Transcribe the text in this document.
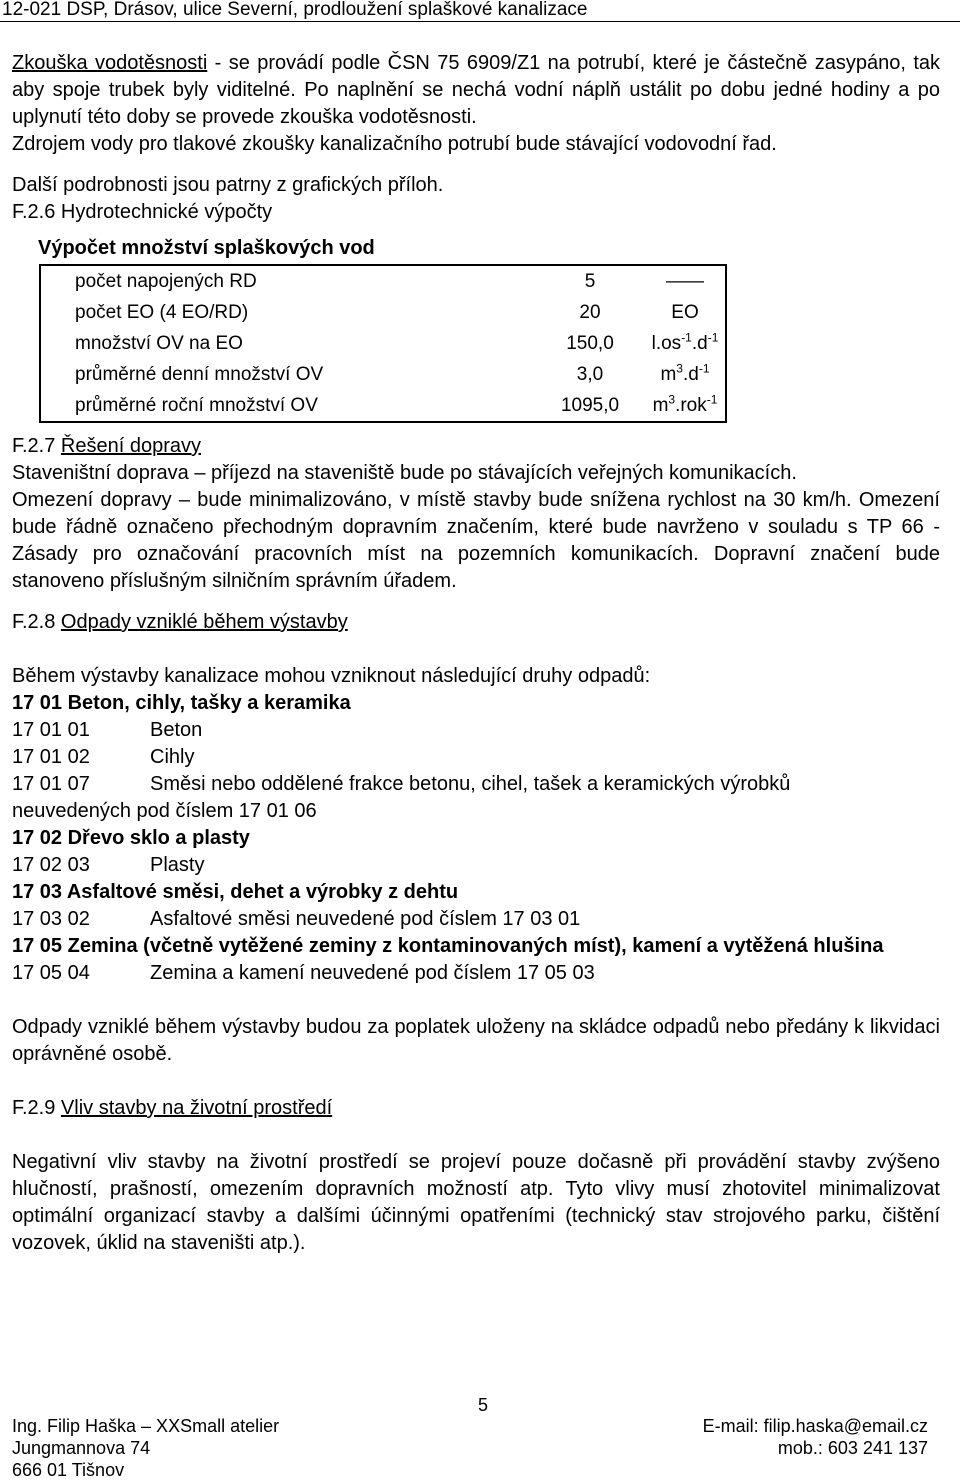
12-021 DSP, Drásov, ulice Severní, prodloužení splaškové kanalizace

Zkouška vodotěsnosti - se provádí podle ČSN 75 6909/Z1 na potrubí, které je částečně zasypáno, tak aby spoje trubek byly viditelné. Po naplnění se nechá vodní náplň ustálit po dobu jedné hodiny a po uplynutí této doby se provede zkouška vodotěsnosti.

Zdrojem vody pro tlakové zkoušky kanalizačního potrubí bude stávající vodovodní řad.

Další podrobnosti jsou patrny z grafických příloh.

F.2.6 Hydrotechnické výpočty

Výpočet množství splaškových vod

počet napojených RD	5	——
počet EO (4 EO/RD)	20	EO
množství OV na EO	150,0	$l.os^{-1}.d^{-1}$
průměrné denní množství OV	3,0	$m^3.d^{-1}$
průměrné roční množství OV	1095,0	$m^3.rok^{-1}$

F.2.7 Řešení dopravy

Staveništní doprava – příjezd na staveniště bude po stávajících veřejných komunikacích.

Omezení dopravy – bude minimalizováno, v místě stavby bude snížena rychlost na 30 km/h. Omezení bude řádně označeno přechodným dopravním značením, které bude navrženo v souladu s TP 66 - Zásady pro označování pracovních míst na pozemních komunikacích. Dopravní značení bude stanoveno příslušným silničním správním úřadem.

F.2.8 Odpady vzniklé během výstavby

Během výstavby kanalizace mohou vzniknout následující druhy odpadů:

17 01 Beton, cihly, tašky a keramika

17 01 01	Beton
17 01 02	Cihly
17 01 07	Směsi nebo oddělené frakce betonu, cihel, tašek a keramických výrobků

neuvedených pod číslem 17 01 06

17 02 Dřevo sklo a plasty

17 02 03	Plasty

17 03 Asfaltové směsi, dehet a výrobky z dehtu

17 03 02	Asfaltové směsi neuvedené pod číslem 17 03 01

17 05 Zemina (včetně vytěžené zeminy z kontaminovaných míst), kamení a vytěžená hlušina

17 05 04	Zemina a kamení neuvedené pod číslem 17 05 03

Odpady vzniklé během výstavby budou za poplatek uloženy na skládce odpadů nebo předány k likvidaci oprávněné osobě.

F.2.9 Vliv stavby na životní prostředí

Negativní vliv stavby na životní prostředí se projeví pouze dočasně při provádění stavby zvýšeno hlučností, prašností, omezením dopravních možností atp. Tyto vlivy musí zhotovitel minimalizovat optimální organizací stavby a dalšími účinnými opatřeními (technický stav strojového parku, čištění vozovek, úklid na staveništi atp.).

5
Ing. Filip Haška – XXSmall atelier
Jungmannova 74
666 01 Tišnov
E-mail: filip.haska@email.cz
mob.: 603 241 137
